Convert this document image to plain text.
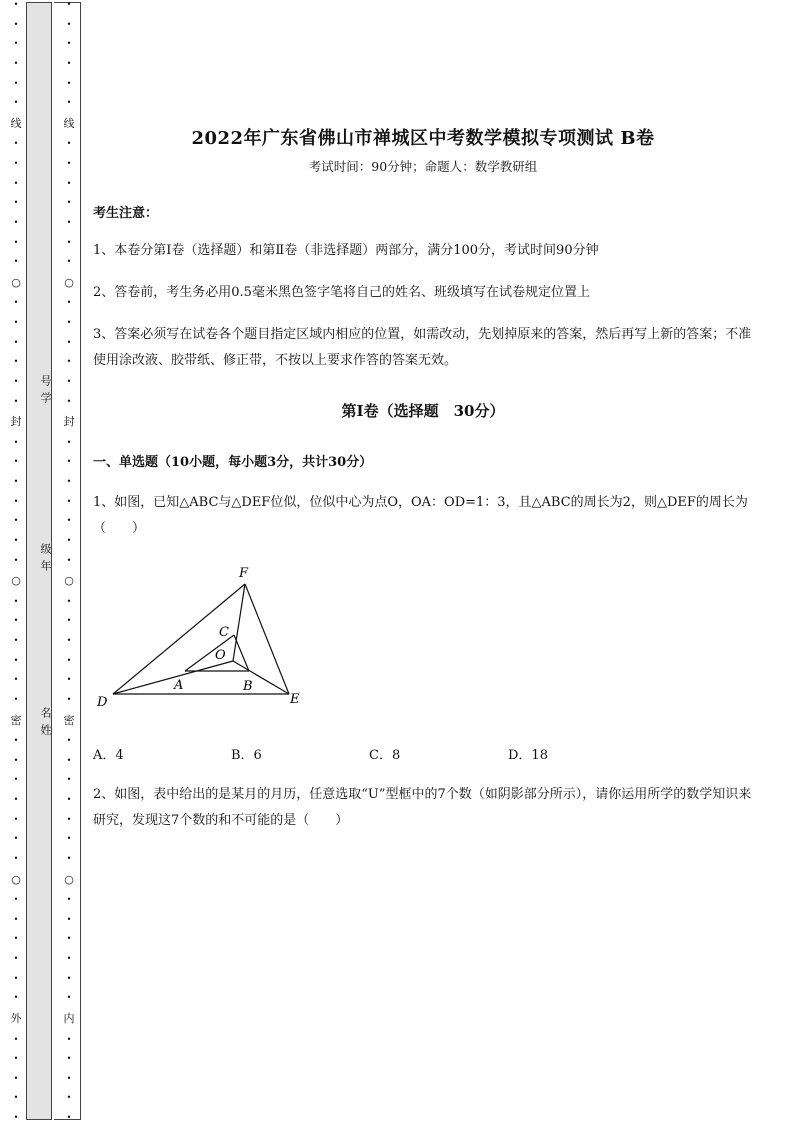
•
•
•
•
•
•
线
•
•
•
•
•
•
•
○
•
•
•
•
•
•
封
•
•
•
•
•
•
•
○
•
•
•
•
•
•
密
•
•
•
•
•
•
•
○
•
•
•
•
•
•
外
•
•
•
•
•
•
•
•
•
•
•
线
•
•
•
•
•
•
•
○
•
•
•
•
•
•
封
•
•
•
•
•
•
•
○
•
•
•
•
•
•
密
•
•
•
•
•
•
•
○
•
•
•
•
•
•
内
•
•
•
•
•
号学
级年
名姓
2022年广东省佛山市禅城区中考数学模拟专项测试 B卷
考试时间：90分钟；命题人：数学教研组
考生注意：
1、本卷分第I卷（选择题）和第Ⅱ卷（非选择题）两部分，满分100分，考试时间90分钟
2、答卷前，考生务必用0.5毫米黑色签字笔将自己的姓名、班级填写在试卷规定位置上
3、答案必须写在试卷各个题目指定区域内相应的位置，如需改动，先划掉原来的答案，然后再写上新的答案；不准使用涂改液、胶带纸、修正带，不按以上要求作答的答案无效。
第I卷（选择题　30分）
一、单选题（10小题，每小题3分，共计30分）
1、如图，已知△ABC与△DEF位似，位似中心为点O，OA：OD=1：3，且△ABC的周长为2，则△DEF的周长为（　　）
A．4	B．6	C．8	D．18
2、如图，表中给出的是某月的月历，任意选取“U”型框中的7个数（如阴影部分所示），请你运用所学的数学知识来研究，发现这7个数的和不可能的是（　　）
F
C
O
A	B
D	E
